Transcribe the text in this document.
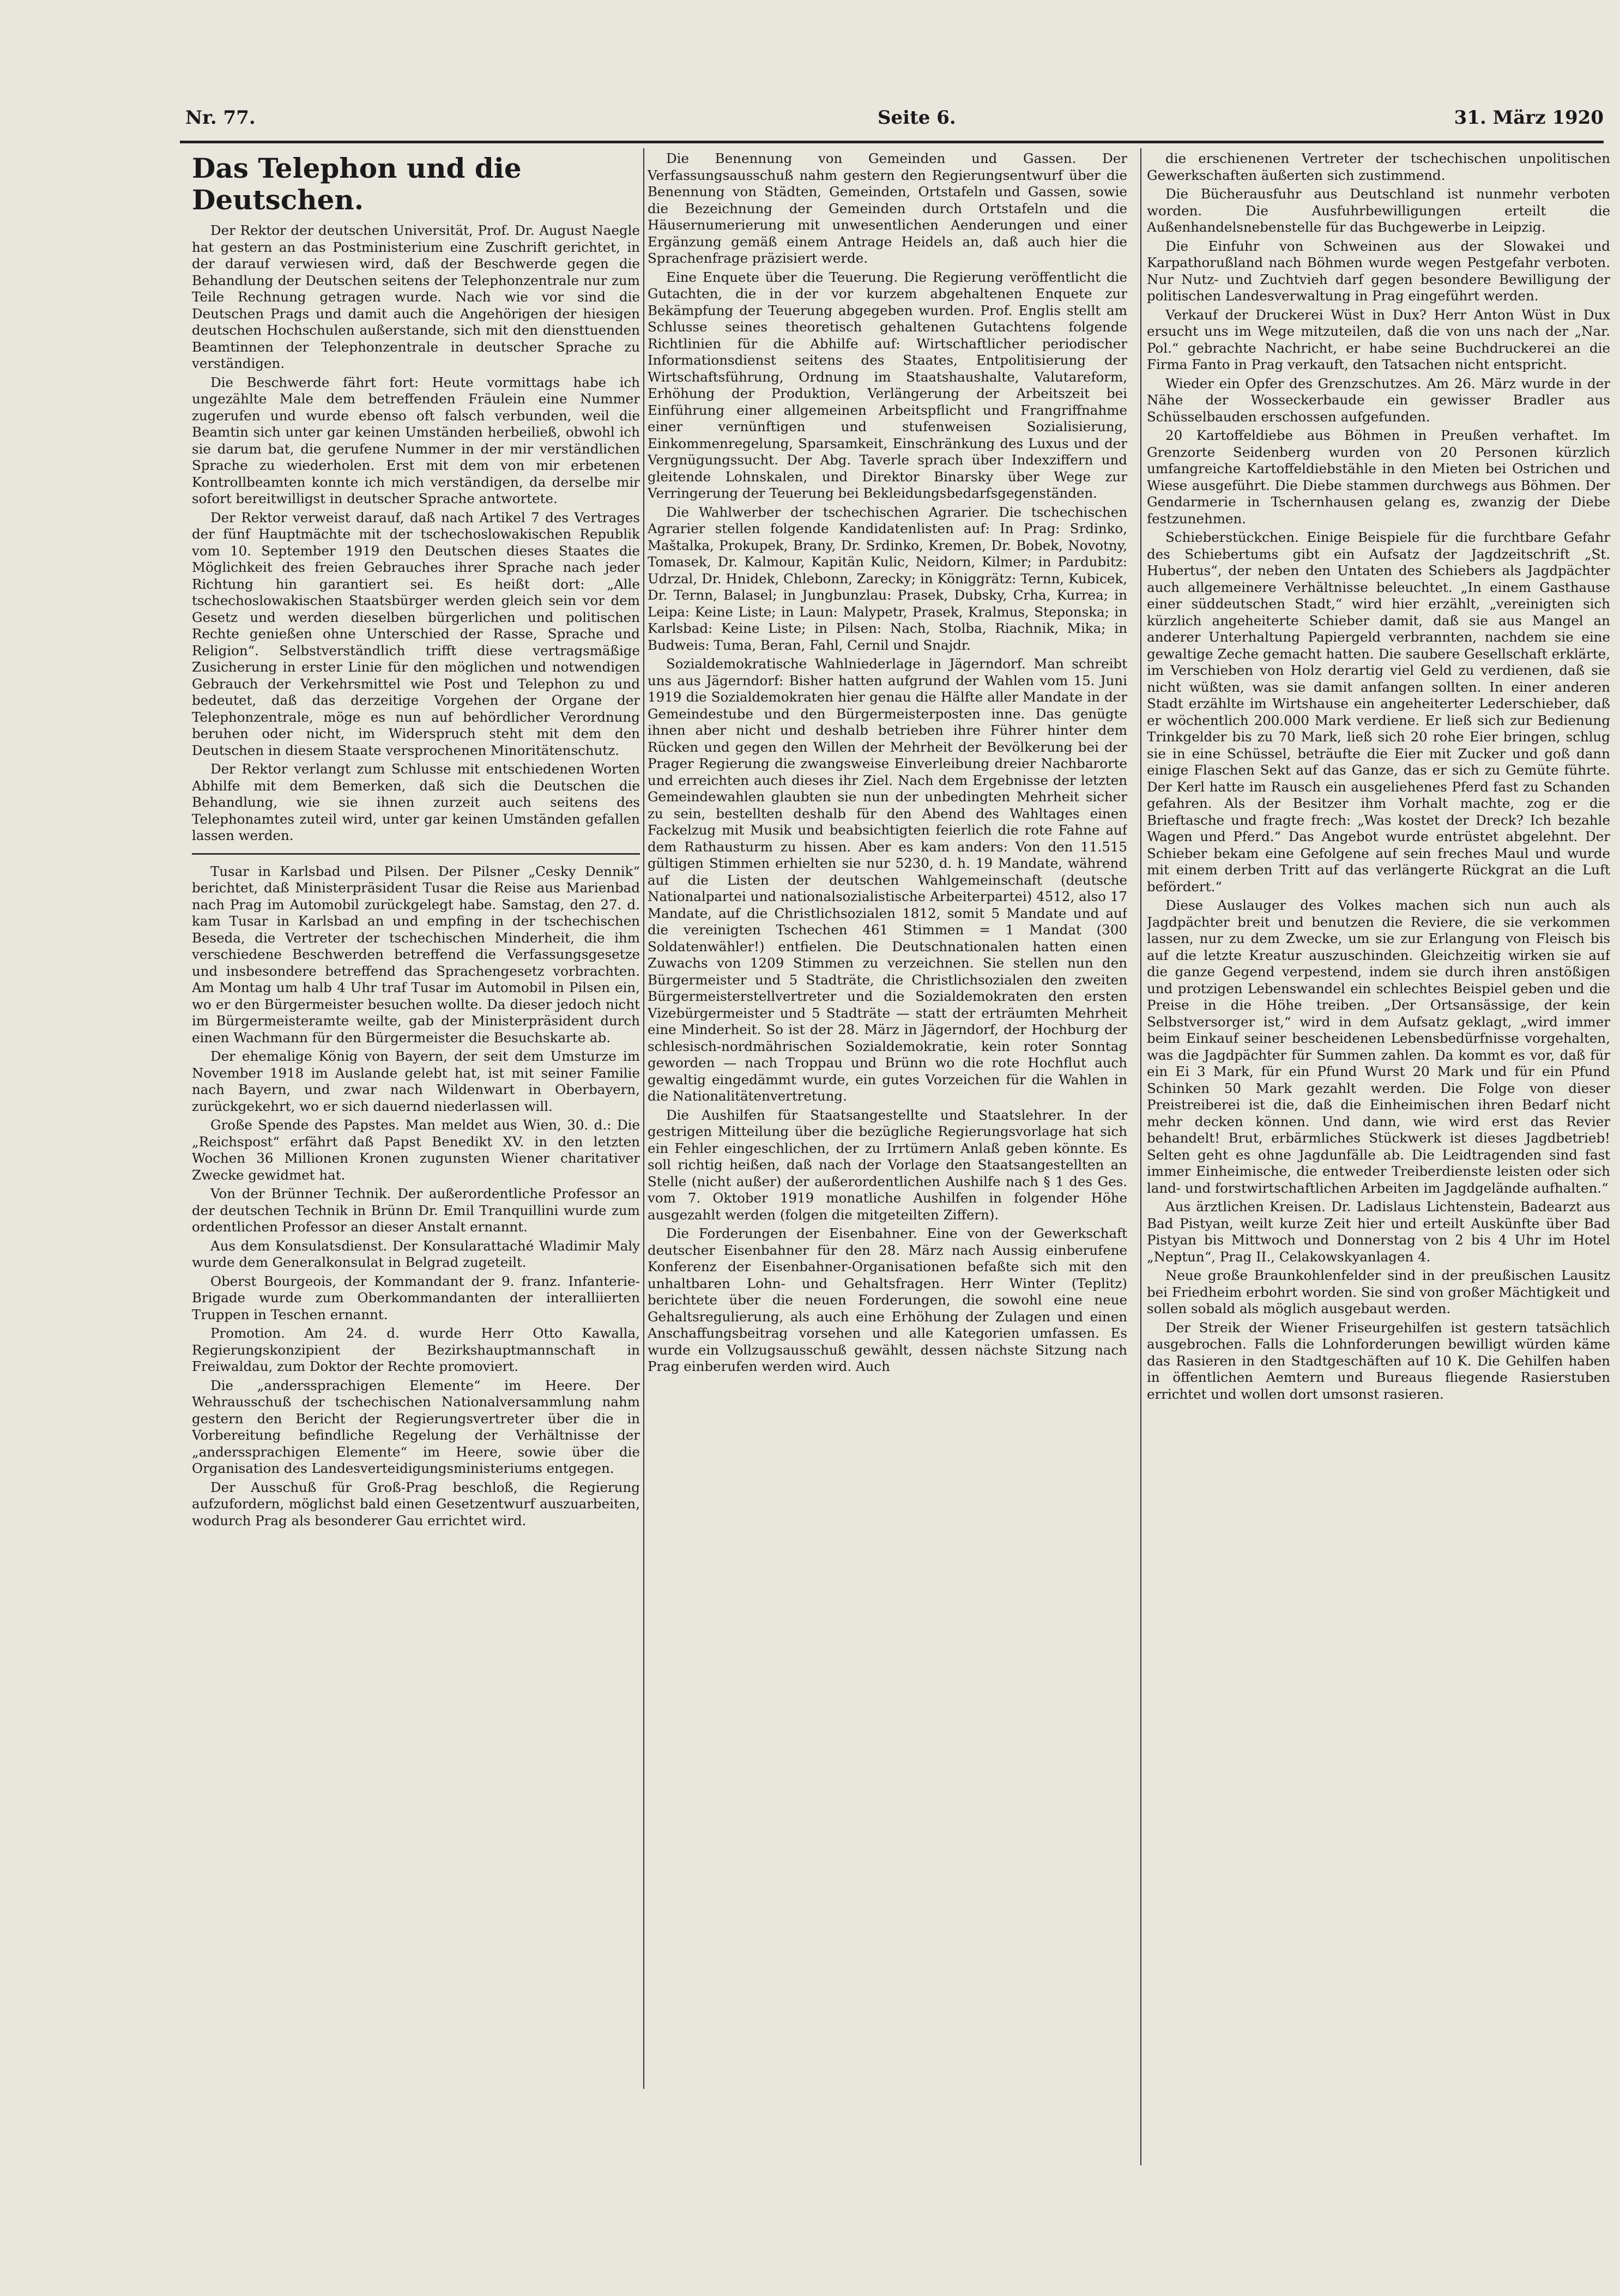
Nr. 77.	Seite 6.	31. März 1920
Das Telephon und die Deutschen.

Der Rektor der deutschen Universität, Prof. Dr. August Naegle hat gestern an das Postministerium eine Zuschrift gerichtet, in der darauf verwiesen wird, daß der Beschwerde gegen die Behandlung der Deutschen seitens der Telephonzentrale nur zum Teile Rechnung getragen wurde. Nach wie vor sind die Deutschen Prags und damit auch die Angehörigen der hiesigen deutschen Hochschulen außerstande, sich mit den diensttuenden Beamtinnen der Telephonzentrale in deutscher Sprache zu verständigen.

Die Beschwerde fährt fort: Heute vormittags habe ich ungezählte Male dem betreffenden Fräulein eine Nummer zugerufen und wurde ebenso oft falsch verbunden, weil die Beamtin sich unter gar keinen Umständen herbeiließ, obwohl ich sie darum bat, die gerufene Nummer in der mir verständlichen Sprache zu wiederholen. Erst mit dem von mir erbetenen Kontrollbeamten konnte ich mich verständigen, da derselbe mir sofort bereitwilligst in deutscher Sprache antwortete.

Der Rektor verweist darauf, daß nach Artikel 7 des Vertrages der fünf Hauptmächte mit der tschechoslowakischen Republik vom 10. September 1919 den Deutschen dieses Staates die Möglichkeit des freien Gebrauches ihrer Sprache nach jeder Richtung hin garantiert sei. Es heißt dort: „Alle tschechoslowakischen Staatsbürger werden gleich sein vor dem Gesetz und werden dieselben bürgerlichen und politischen Rechte genießen ohne Unterschied der Rasse, Sprache und Religion“. Selbstverständlich trifft diese vertragsmäßige Zusicherung in erster Linie für den möglichen und notwendigen Gebrauch der Verkehrsmittel wie Post und Telephon zu und bedeutet, daß das derzeitige Vorgehen der Organe der Telephonzentrale, möge es nun auf behördlicher Verordnung beruhen oder nicht, im Widerspruch steht mit dem den Deutschen in diesem Staate versprochenen Minoritätenschutz.

Der Rektor verlangt zum Schlusse mit entschiedenen Worten Abhilfe mit dem Bemerken, daß sich die Deutschen die Behandlung, wie sie ihnen zurzeit auch seitens des Telephonamtes zuteil wird, unter gar keinen Umständen gefallen lassen werden.

Tusar in Karlsbad und Pilsen. Der Pilsner „Cesky Dennik“ berichtet, daß Ministerpräsident Tusar die Reise aus Marienbad nach Prag im Automobil zurückgelegt habe. Samstag, den 27. d. kam Tusar in Karlsbad an und empfing in der tschechischen Beseda, die Vertreter der tschechischen Minderheit, die ihm verschiedene Beschwerden betreffend die Verfassungsgesetze und insbesondere betreffend das Sprachengesetz vorbrachten. Am Montag um halb 4 Uhr traf Tusar im Automobil in Pilsen ein, wo er den Bürgermeister besuchen wollte. Da dieser jedoch nicht im Bürgermeisteramte weilte, gab der Ministerpräsident durch einen Wachmann für den Bürgermeister die Besuchskarte ab.

Der ehemalige König von Bayern, der seit dem Umsturze im November 1918 im Auslande gelebt hat, ist mit seiner Familie nach Bayern, und zwar nach Wildenwart in Oberbayern, zurückgekehrt, wo er sich dauernd niederlassen will.

Große Spende des Papstes. Man meldet aus Wien, 30. d.: Die „Reichspost“ erfährt daß Papst Benedikt XV. in den letzten Wochen 36 Millionen Kronen zugunsten Wiener charitativer Zwecke gewidmet hat.

Von der Brünner Technik. Der außerordentliche Professor an der deutschen Technik in Brünn Dr. Emil Tranquillini wurde zum ordentlichen Professor an dieser Anstalt ernannt.

Aus dem Konsulatsdienst. Der Konsularattaché Wladimir Maly wurde dem Generalkonsulat in Belgrad zugeteilt.

Oberst Bourgeois, der Kommandant der 9. franz. Infanterie-Brigade wurde zum Oberkommandanten der interalliierten Truppen in Teschen ernannt.

Promotion. Am 24. d. wurde Herr Otto Kawalla, Regierungskonzipient der Bezirkshauptmannschaft in Freiwaldau, zum Doktor der Rechte promoviert.

Die „anderssprachigen Elemente“ im Heere. Der Wehrausschuß der tschechischen Nationalversammlung nahm gestern den Bericht der Regierungsvertreter über die in Vorbereitung befindliche Regelung der Verhältnisse der „anderssprachigen Elemente“ im Heere, sowie über die Organisation des Landesverteidigungsministeriums entgegen.

Der Ausschuß für Groß-Prag beschloß, die Regierung aufzufordern, möglichst bald einen Gesetzentwurf auszuarbeiten, wodurch Prag als besonderer Gau errichtet wird.

Die Benennung von Gemeinden und Gassen. Der Verfassungsausschuß nahm gestern den Regierungsentwurf über die Benennung von Städten, Gemeinden, Ortstafeln und Gassen, sowie die Bezeichnung der Gemeinden durch Ortstafeln und die Häusernumerierung mit unwesentlichen Aenderungen und einer Ergänzung gemäß einem Antrage Heidels an, daß auch hier die Sprachenfrage präzisiert werde.

Eine Enquete über die Teuerung. Die Regierung veröffentlicht die Gutachten, die in der vor kurzem abgehaltenen Enquete zur Bekämpfung der Teuerung abgegeben wurden. Prof. Englis stellt am Schlusse seines theoretisch gehaltenen Gutachtens folgende Richtlinien für die Abhilfe auf: Wirtschaftlicher periodischer Informationsdienst seitens des Staates, Entpolitisierung der Wirtschaftsführung, Ordnung im Staatshaushalte, Valutareform, Erhöhung der Produktion, Verlängerung der Arbeitszeit bei Einführung einer allgemeinen Arbeitspflicht und Frangriffnahme einer vernünftigen und stufenweisen Sozialisierung, Einkommenregelung, Sparsamkeit, Einschränkung des Luxus und der Vergnügungssucht. Der Abg. Taverle sprach über Indexziffern und gleitende Lohnskalen, und Direktor Binarsky über Wege zur Verringerung der Teuerung bei Bekleidungsbedarfsgegenständen.

Die Wahlwerber der tschechischen Agrarier. Die tschechischen Agrarier stellen folgende Kandidatenlisten auf: In Prag: Srdinko, Maštalka, Prokupek, Brany, Dr. Srdinko, Kremen, Dr. Bobek, Novotny, Tomasek, Dr. Kalmour, Kapitän Kulic, Neidorn, Kilmer; in Pardubitz: Udrzal, Dr. Hnidek, Chlebonn, Zarecky; in Königgrätz: Ternn, Kubicek, Dr. Ternn, Balasel; in Jungbunzlau: Prasek, Dubsky, Crha, Kurrea; in Leipa: Keine Liste; in Laun: Malypetr, Prasek, Kralmus, Steponska; in Karlsbad: Keine Liste; in Pilsen: Nach, Stolba, Riachnik, Mika; in Budweis: Tuma, Beran, Fahl, Cernil und Snajdr.

Sozialdemokratische Wahlniederlage in Jägerndorf. Man schreibt uns aus Jägerndorf: Bisher hatten aufgrund der Wahlen vom 15. Juni 1919 die Sozialdemokraten hier genau die Hälfte aller Mandate in der Gemeindestube und den Bürgermeisterposten inne. Das genügte ihnen aber nicht und deshalb betrieben ihre Führer hinter dem Rücken und gegen den Willen der Mehrheit der Bevölkerung bei der Prager Regierung die zwangsweise Einverleibung dreier Nachbarorte und erreichten auch dieses ihr Ziel. Nach dem Ergebnisse der letzten Gemeindewahlen glaubten sie nun der unbedingten Mehrheit sicher zu sein, bestellten deshalb für den Abend des Wahltages einen Fackelzug mit Musik und beabsichtigten feierlich die rote Fahne auf dem Rathausturm zu hissen. Aber es kam anders: Von den 11.515 gültigen Stimmen erhielten sie nur 5230, d. h. 19 Mandate, während auf die Listen der deutschen Wahlgemeinschaft (deutsche Nationalpartei und nationalsozialistische Arbeiterpartei) 4512, also 17 Mandate, auf die Christlichsozialen 1812, somit 5 Mandate und auf die vereinigten Tschechen 461 Stimmen = 1 Mandat (300 Soldatenwähler!) entfielen. Die Deutschnationalen hatten einen Zuwachs von 1209 Stimmen zu verzeichnen. Sie stellen nun den Bürgermeister und 5 Stadträte, die Christlichsozialen den zweiten Bürgermeisterstellvertreter und die Sozialdemokraten den ersten Vizebürgermeister und 5 Stadträte — statt der erträumten Mehrheit eine Minderheit. So ist der 28. März in Jägerndorf, der Hochburg der schlesisch-nordmährischen Sozialdemokratie, kein roter Sonntag geworden — nach Troppau und Brünn wo die rote Hochflut auch gewaltig eingedämmt wurde, ein gutes Vorzeichen für die Wahlen in die Nationalitätenvertretung.

Die Aushilfen für Staatsangestellte und Staatslehrer. In der gestrigen Mitteilung über die bezügliche Regierungsvorlage hat sich ein Fehler eingeschlichen, der zu Irrtümern Anlaß geben könnte. Es soll richtig heißen, daß nach der Vorlage den Staatsangestellten an Stelle (nicht außer) der außerordentlichen Aushilfe nach § 1 des Ges. vom 7. Oktober 1919 monatliche Aushilfen in folgender Höhe ausgezahlt werden (folgen die mitgeteilten Ziffern).

Die Forderungen der Eisenbahner. Eine von der Gewerkschaft deutscher Eisenbahner für den 28. März nach Aussig einberufene Konferenz der Eisenbahner-Organisationen befaßte sich mit den unhaltbaren Lohn- und Gehaltsfragen. Herr Winter (Teplitz) berichtete über die neuen Forderungen, die sowohl eine neue Gehaltsregulierung, als auch eine Erhöhung der Zulagen und einen Anschaffungsbeitrag vorsehen und alle Kategorien umfassen. Es wurde ein Vollzugsausschuß gewählt, dessen nächste Sitzung nach Prag einberufen werden wird. Auch

die erschienenen Vertreter der tschechischen unpolitischen Gewerkschaften äußerten sich zustimmend.

Die Bücherausfuhr aus Deutschland ist nunmehr verboten worden. Die Ausfuhrbewilligungen erteilt die Außenhandelsnebenstelle für das Buchgewerbe in Leipzig.

Die Einfuhr von Schweinen aus der Slowakei und Karpathorußland nach Böhmen wurde wegen Pestgefahr verboten. Nur Nutz- und Zuchtvieh darf gegen besondere Bewilligung der politischen Landesverwaltung in Prag eingeführt werden.

Verkauf der Druckerei Wüst in Dux? Herr Anton Wüst in Dux ersucht uns im Wege mitzuteilen, daß die von uns nach der „Nar. Pol.“ gebrachte Nachricht, er habe seine Buchdruckerei an die Firma Fanto in Prag verkauft, den Tatsachen nicht entspricht.

Wieder ein Opfer des Grenzschutzes. Am 26. März wurde in der Nähe der Wosseckerbaude ein gewisser Bradler aus Schüsselbauden erschossen aufgefunden.

20 Kartoffeldiebe aus Böhmen in Preußen verhaftet. Im Grenzorte Seidenberg wurden von 20 Personen kürzlich umfangreiche Kartoffeldiebstähle in den Mieten bei Ostrichen und Wiese ausgeführt. Die Diebe stammen durchwegs aus Böhmen. Der Gendarmerie in Tschernhausen gelang es, zwanzig der Diebe festzunehmen.

Schieberstückchen. Einige Beispiele für die furchtbare Gefahr des Schiebertums gibt ein Aufsatz der Jagdzeitschrift „St. Hubertus“, der neben den Untaten des Schiebers als Jagdpächter auch allgemeinere Verhältnisse beleuchtet. „In einem Gasthause einer süddeutschen Stadt,“ wird hier erzählt, „vereinigten sich kürzlich angeheiterte Schieber damit, daß sie aus Mangel an anderer Unterhaltung Papiergeld verbrannten, nachdem sie eine gewaltige Zeche gemacht hatten. Die saubere Gesellschaft erklärte, im Verschieben von Holz derartig viel Geld zu verdienen, daß sie nicht wüßten, was sie damit anfangen sollten. In einer anderen Stadt erzählte im Wirtshause ein angeheiterter Lederschieber, daß er wöchentlich 200.000 Mark verdiene. Er ließ sich zur Bedienung Trinkgelder bis zu 70 Mark, ließ sich 20 rohe Eier bringen, schlug sie in eine Schüssel, beträufte die Eier mit Zucker und goß dann einige Flaschen Sekt auf das Ganze, das er sich zu Gemüte führte. Der Kerl hatte im Rausch ein ausgeliehenes Pferd fast zu Schanden gefahren. Als der Besitzer ihm Vorhalt machte, zog er die Brieftasche und fragte frech: „Was kostet der Dreck? Ich bezahle Wagen und Pferd.“ Das Angebot wurde entrüstet abgelehnt. Der Schieber bekam eine Gefolgene auf sein freches Maul und wurde mit einem derben Tritt auf das verlängerte Rückgrat an die Luft befördert.“

Diese Auslauger des Volkes machen sich nun auch als Jagdpächter breit und benutzen die Reviere, die sie verkommen lassen, nur zu dem Zwecke, um sie zur Erlangung von Fleisch bis auf die letzte Kreatur auszuschinden. Gleichzeitig wirken sie auf die ganze Gegend verpestend, indem sie durch ihren anstößigen und protzigen Lebenswandel ein schlechtes Beispiel geben und die Preise in die Höhe treiben. „Der Ortsansässige, der kein Selbstversorger ist,“ wird in dem Aufsatz geklagt, „wird immer beim Einkauf seiner bescheidenen Lebensbedürfnisse vorgehalten, was die Jagdpächter für Summen zahlen. Da kommt es vor, daß für ein Ei 3 Mark, für ein Pfund Wurst 20 Mark und für ein Pfund Schinken 50 Mark gezahlt werden. Die Folge von dieser Preistreiberei ist die, daß die Einheimischen ihren Bedarf nicht mehr decken können. Und dann, wie wird erst das Revier behandelt! Brut, erbärmliches Stückwerk ist dieses Jagdbetrieb! Selten geht es ohne Jagdunfälle ab. Die Leidtragenden sind fast immer Einheimische, die entweder Treiberdienste leisten oder sich land- und forstwirtschaftlichen Arbeiten im Jagdgelände aufhalten.“

Aus ärztlichen Kreisen. Dr. Ladislaus Lichtenstein, Badearzt aus Bad Pistyan, weilt kurze Zeit hier und erteilt Auskünfte über Bad Pistyan bis Mittwoch und Donnerstag von 2 bis 4 Uhr im Hotel „Neptun“, Prag II., Celakowskyanlagen 4.

Neue große Braunkohlenfelder sind in der preußischen Lausitz bei Friedheim erbohrt worden. Sie sind von großer Mächtigkeit und sollen sobald als möglich ausgebaut werden.

Der Streik der Wiener Friseurgehilfen ist gestern tatsächlich ausgebrochen. Falls die Lohnforderungen bewilligt würden käme das Rasieren in den Stadtgeschäften auf 10 K. Die Gehilfen haben in öffentlichen Aemtern und Bureaus fliegende Rasierstuben errichtet und wollen dort umsonst rasieren.
